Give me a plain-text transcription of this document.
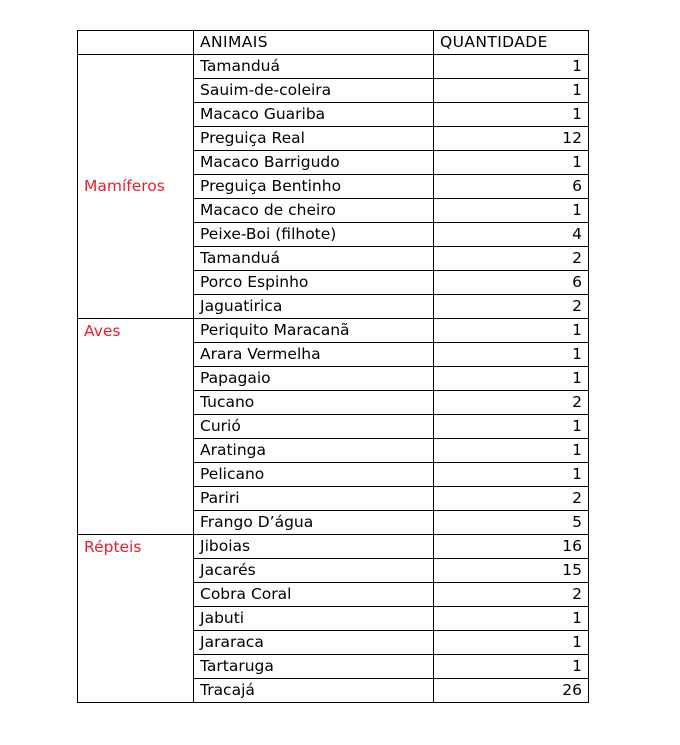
	ANIMAIS	QUANTIDADE
Mamíferos	Tamanduá	1
	Sauim-de-coleira	1
	Macaco Guariba	1
	Preguiça Real	12
	Macaco Barrigudo	1
	Preguiça Bentinho	6
	Macaco de cheiro	1
	Peixe-Boi (filhote)	4
	Tamanduá	2
	Porco Espinho	6
	Jaguatirica	2
Aves	Periquito Maracanã	1
	Arara Vermelha	1
	Papagaio	1
	Tucano	2
	Curió	1
	Aratinga	1
	Pelicano	1
	Pariri	2
	Frango D’água	5
Répteis	Jiboias	16
	Jacarés	15
	Cobra Coral	2
	Jabuti	1
	Jararaca	1
	Tartaruga	1
	Tracajá	26
